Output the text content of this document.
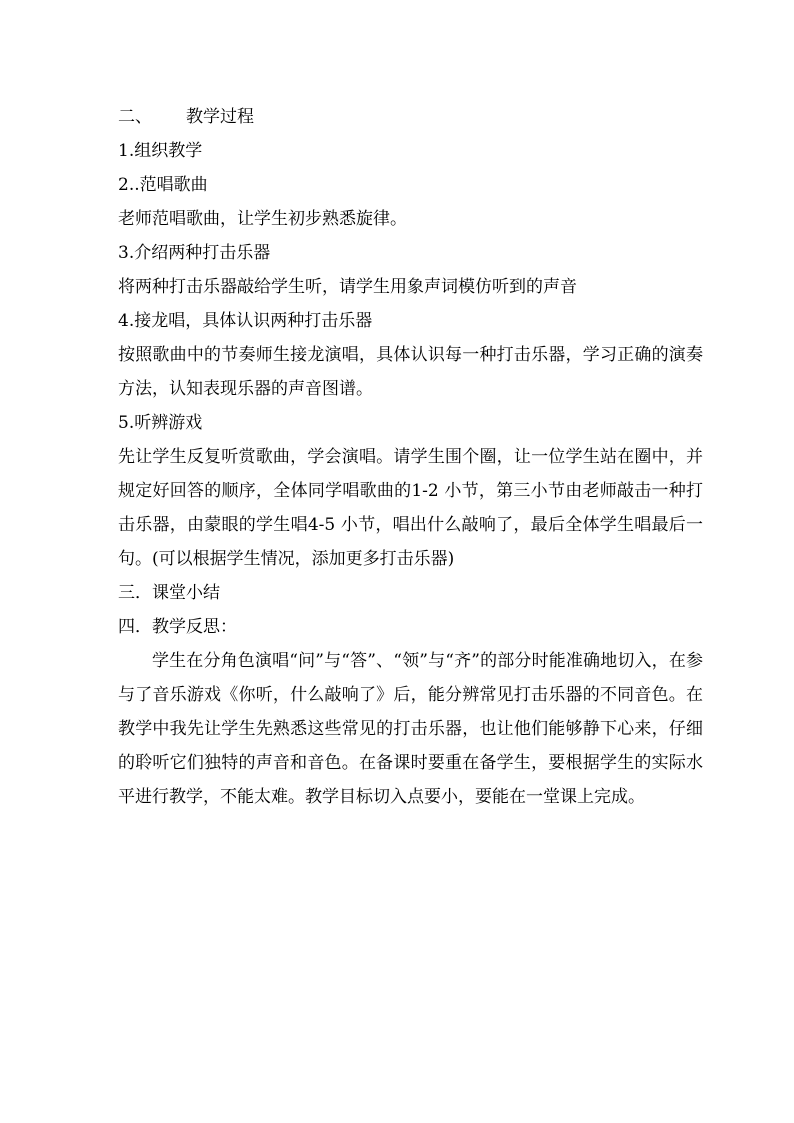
二、 教学过程

1.组织教学

2..范唱歌曲

老师范唱歌曲，让学生初步熟悉旋律。

3.介绍两种打击乐器

将两种打击乐器敲给学生听，请学生用象声词模仿听到的声音

4.接龙唱，具体认识两种打击乐器

按照歌曲中的节奏师生接龙演唱，具体认识每一种打击乐器，学习正确的演奏方法，认知表现乐器的声音图谱。

5.听辨游戏

先让学生反复听赏歌曲，学会演唱。请学生围个圈，让一位学生站在圈中，并规定好回答的顺序，全体同学唱歌曲的1-2 小节，第三小节由老师敲击一种打击乐器，由蒙眼的学生唱4-5 小节，唱出什么敲响了，最后全体学生唱最后一句。(可以根据学生情况，添加更多打击乐器)

三．课堂小结

四．教学反思：

学生在分角色演唱“问”与“答”、“领”与“齐”的部分时能准确地切入，在参与了音乐游戏《你听，什么敲响了》后，能分辨常见打击乐器的不同音色。在教学中我先让学生先熟悉这些常见的打击乐器，也让他们能够静下心来，仔细的聆听它们独特的声音和音色。在备课时要重在备学生，要根据学生的实际水平进行教学，不能太难。教学目标切入点要小，要能在一堂课上完成。
